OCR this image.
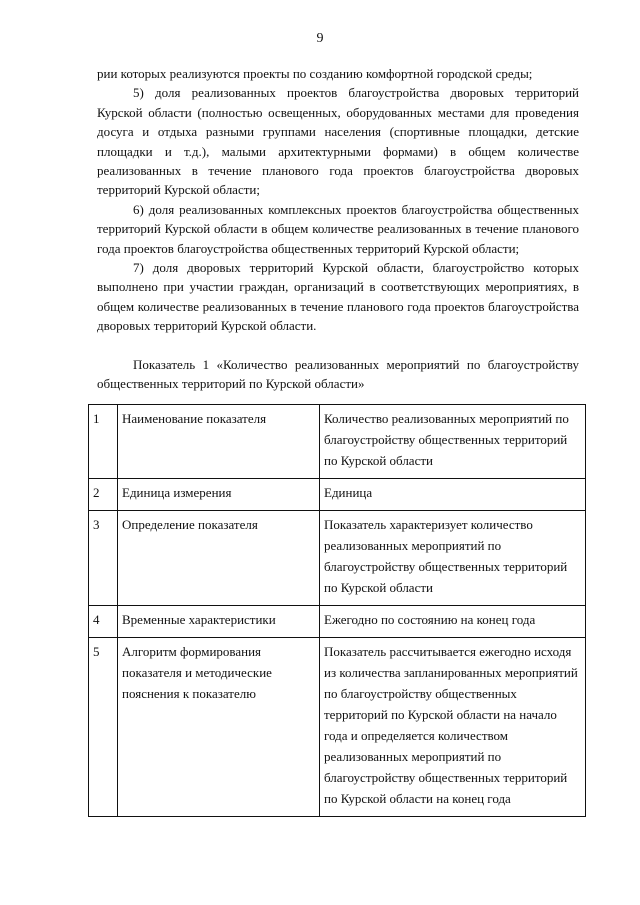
9

рии которых реализуются проекты по созданию комфортной городской среды;

5) доля реализованных проектов благоустройства дворовых территорий Курской области (полностью освещенных, оборудованных местами для проведения досуга и отдыха разными группами населения (спортивные площадки, детские площадки и т.д.), малыми архитектурными формами) в общем количестве реализованных в течение планового года проектов благоустройства дворовых территорий Курской области;

6) доля реализованных комплексных проектов благоустройства общественных территорий Курской области в общем количестве реализованных в течение планового года проектов благоустройства общественных территорий Курской области;

7) доля дворовых территорий Курской области, благоустройство которых выполнено при участии граждан, организаций в соответствующих мероприятиях, в общем количестве реализованных в течение планового года проектов благоустройства дворовых территорий Курской области.

Показатель 1 «Количество реализованных мероприятий по благоустройству общественных территорий по Курской области»
1	Наименование показателя	Количество реализованных мероприятий по благоустройству общественных территорий по Курской области
2	Единица измерения	Единица
3	Определение показателя	Показатель характеризует количество реализованных мероприятий по благоустройству общественных территорий по Курской области
4	Временные характеристики	Ежегодно по состоянию на конец года
5	Алгоритм формирования показателя и методические пояснения к показателю	Показатель рассчитывается ежегодно исходя из количества запланированных мероприятий по благоустройству общественных территорий по Курской области на начало года и определяется количеством реализованных мероприятий по благоустройству общественных территорий по Курской области на конец года
